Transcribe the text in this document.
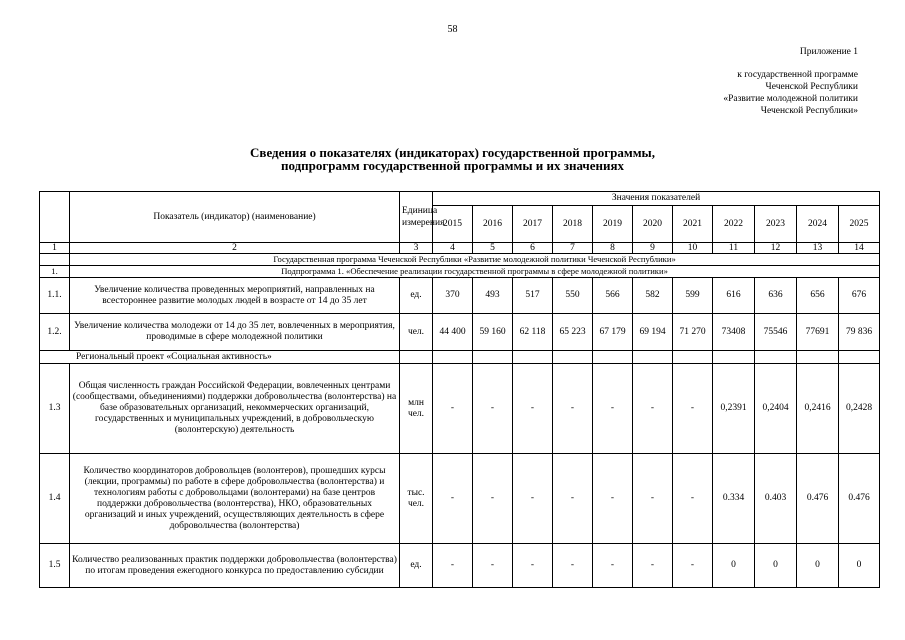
58
Приложение 1
к государственной программе
Чеченской Республики
«Развитие молодежной политики
Чеченской Республики»
Сведения о показателях (индикаторах) государственной программы,
подпрограмм государственной программы и их значениях
	Показатель (индикатор) (наименование)	Единица измерения	Значения показателей										
			2015	2016	2017	2018	2019	2020	2021	2022	2023	2024	2025
1	2	3	4	5	6	7	8	9	10	11	12	13	14
	Государственная программа Чеченской Республики «Развитие молодежной политики Чеченской Республики»												
1.	Подпрограмма 1. «Обеспечение реализации государственной программы в сфере молодежной политики»												
1.1.	Увеличение количества проведенных мероприятий, направленных на всестороннее развитие молодых людей в возрасте от 14 до 35 лет	ед.	370	493	517	550	566	582	599	616	636	656	676
1.2.	Увеличение количества молодежи от 14 до 35 лет, вовлеченных в мероприятия, проводимые в сфере молодежной политики	чел.	44 400	59 160	62 118	65 223	67 179	69 194	71 270	73408	75546	77691	79 836
Региональный проект «Социальная активность»													
1.3	Общая численность граждан Российской Федерации, вовлеченных центрами (сообществами, объединениями) поддержки добровольчества (волонтерства) на базе образовательных организаций, некоммерческих организаций, государственных и муниципальных учреждений, в добровольческую (волонтерскую) деятельность	млн чел.	-	-	-	-	-	-	-	0,2391	0,2404	0,2416	0,2428
1.4	Количество координаторов добровольцев (волонтеров), прошедших курсы (лекции, программы) по работе в сфере добровольчества (волонтерства) и технологиям работы с добровольцами (волонтерами) на базе центров поддержки добровольчества (волонтерства), НКО, образовательных организаций и иных учреждений, осуществляющих деятельность в сфере добровольчества (волонтерства)	тыс. чел.	-	-	-	-	-	-	-	0.334	0.403	0.476	0.476
1.5	Количество реализованных практик поддержки добровольчества (волонтерства) по итогам проведения ежегодного конкурса по предоставлению субсидии	ед.	-	-	-	-	-	-	-	0	0	0	0
